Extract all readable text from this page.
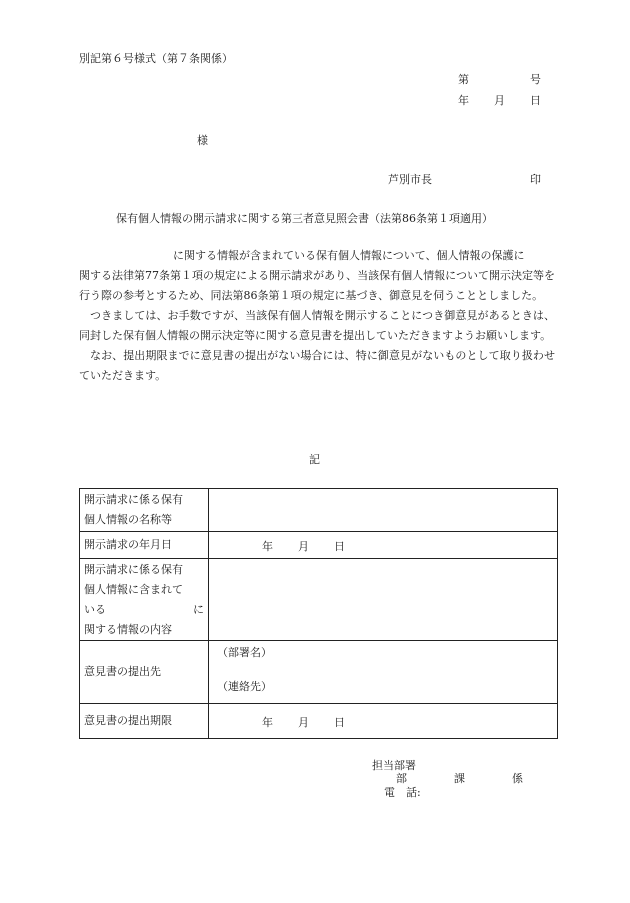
別記第６号様式（第７条関係）
第	号
年 月 日
様
芦別市長	印
保有個人情報の開示請求に関する第三者意見照会書（法第86条第１項適用）

に関する情報が含まれている保有個人情報について、個人情報の保護に

関する法律第77条第１項の規定による開示請求があり、当該保有個人情報について開示決定等を行う際の参考とするため、同法第86条第１項の規定に基づき、御意見を伺うこととしました。

つきましては、お手数ですが、当該保有個人情報を開示することにつき御意見があるときは、同封した保有個人情報の開示決定等に関する意見書を提出していただきますようお願いします。

なお、提出期限までに意見書の提出がない場合には、特に御意見がないものとして取り扱わせていただきます。

記
開示請求に係る保有
個人情報の名称等	

開示請求の年月日	年 月 日

開示請求に係る保有
個人情報に含まれて
いる に
関する情報の内容	

意見書の提出先	（部署名）
（連絡先）

意見書の提出期限	年 月 日
担当部署
部	課	係
電　話:
